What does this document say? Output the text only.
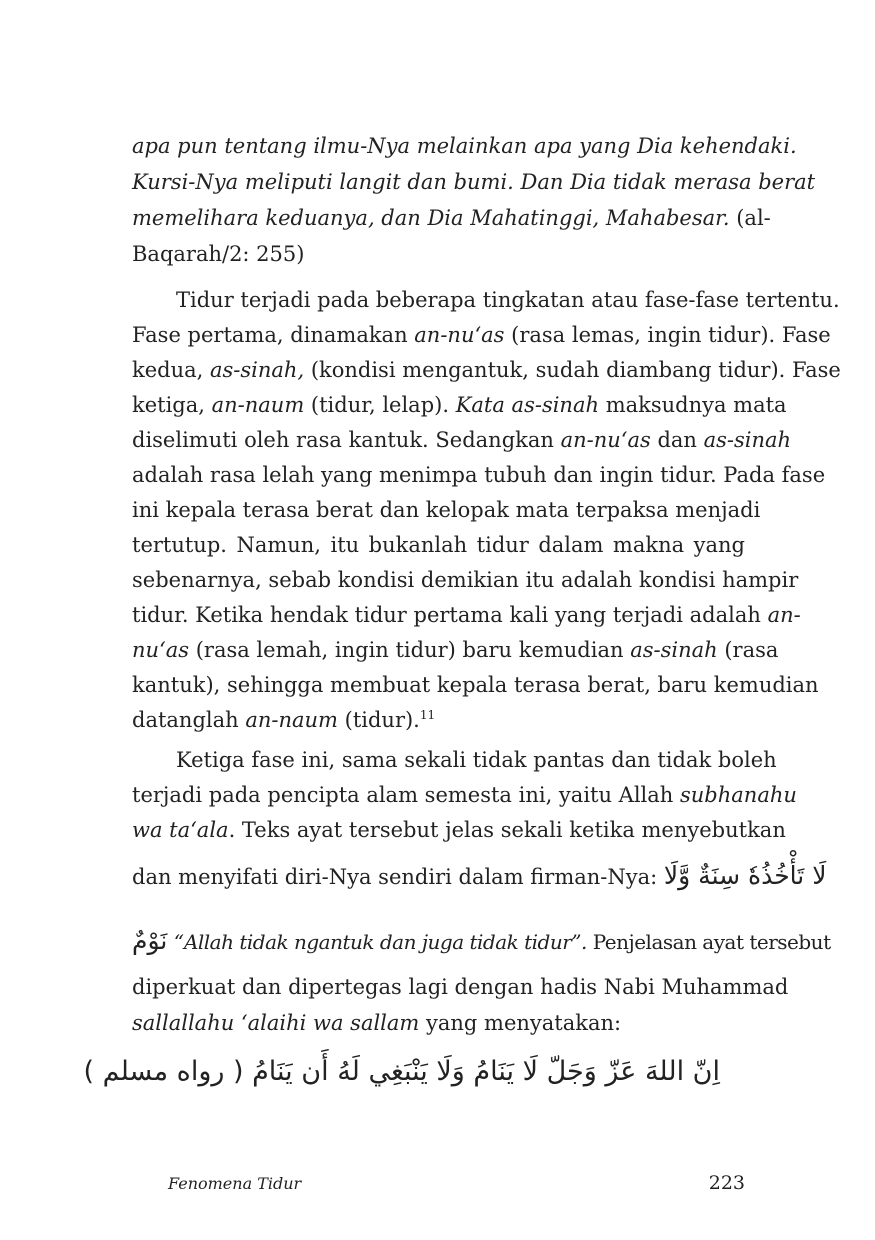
apa pun tentang ilmu-Nya melainkan apa yang Dia kehendaki.
Kursi-Nya meliputi langit dan bumi. Dan Dia tidak merasa berat
memelihara keduanya, dan Dia Mahatinggi, Mahabesar. (al-
Baqarah/2: 255)
Tidur terjadi pada beberapa tingkatan atau fase-fase tertentu.
Fase pertama, dinamakan an-nu‘as (rasa lemas, ingin tidur). Fase
kedua, as-sinah, (kondisi mengantuk, sudah diambang tidur). Fase
ketiga, an-naum (tidur, lelap). Kata as-sinah maksudnya mata
diselimuti oleh rasa kantuk. Sedangkan an-nu‘as dan as-sinah
adalah rasa lelah yang menimpa tubuh dan ingin tidur. Pada fase
ini kepala terasa berat dan kelopak mata terpaksa menjadi
tertutup. Namun, itu bukanlah tidur dalam makna yang
sebenarnya, sebab kondisi demikian itu adalah kondisi hampir
tidur. Ketika hendak tidur pertama kali yang terjadi adalah an-
nu‘as (rasa lemah, ingin tidur) baru kemudian as-sinah (rasa
kantuk), sehingga membuat kepala terasa berat, baru kemudian
datanglah an-naum (tidur).$^{11}$
Ketiga fase ini, sama sekali tidak pantas dan tidak boleh
terjadi pada pencipta alam semesta ini, yaitu Allah subhanahu
wa ta‘ala. Teks ayat tersebut jelas sekali ketika menyebutkan
dan menyifati diri-Nya sendiri dalam firman-Nya: لَا تَأْخُذُهٗ سِنَةٌ وَّلَا
نَوْمٌ “Allah tidak ngantuk dan juga tidak tidur”. Penjelasan ayat tersebut
diperkuat dan dipertegas lagi dengan hadis Nabi Muhammad
sallallahu ‘alaihi wa sallam yang menyatakan:
اِنّ اللهَ عَزّ وَجَلّ لَا يَنَامُ وَلَا يَنْبَغِي لَهُ أَن يَنَامُ ( رواه مسلم )
Fenomena Tidur	223
